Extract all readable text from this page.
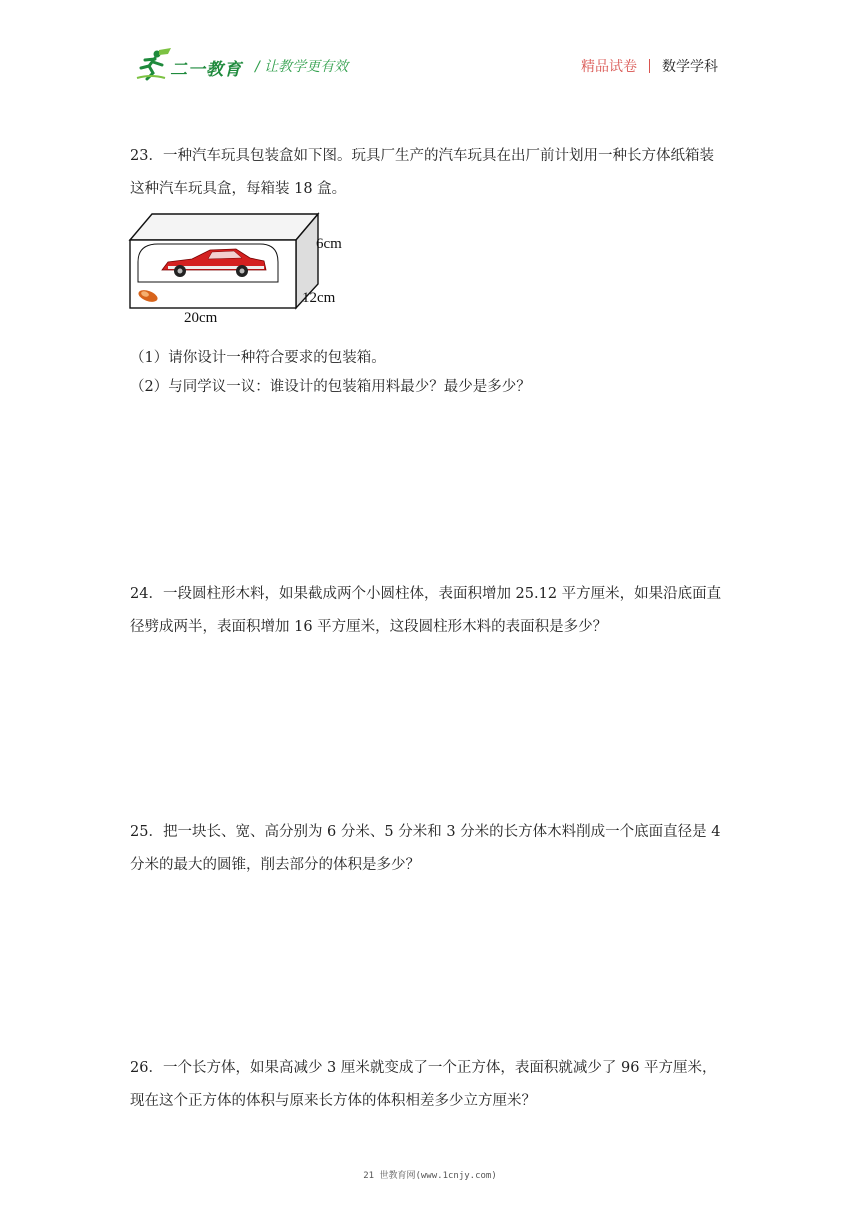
二一教育 / 让教学更有效	精品试卷 数学学科

23．一种汽车玩具包装盒如下图。玩具厂生产的汽车玩具在出厂前计划用一种长方体纸箱装

这种汽车玩具盒，每箱装 18 盒。

6cm
12cm
20cm

（1）请你设计一种符合要求的包装箱。

（2）与同学议一议：谁设计的包装箱用料最少？最少是多少？

24．一段圆柱形木料，如果截成两个小圆柱体，表面积增加 25.12 平方厘米，如果沿底面直

径劈成两半，表面积增加 16 平方厘米，这段圆柱形木料的表面积是多少？

25．把一块长、宽、高分别为 6 分米、5 分米和 3 分米的长方体木料削成一个底面直径是 4

分米的最大的圆锥，削去部分的体积是多少？

26．一个长方体，如果高减少 3 厘米就变成了一个正方体，表面积就减少了 96 平方厘米，

现在这个正方体的体积与原来长方体的体积相差多少立方厘米？

21 世教育网(www.1cnjy.com)
